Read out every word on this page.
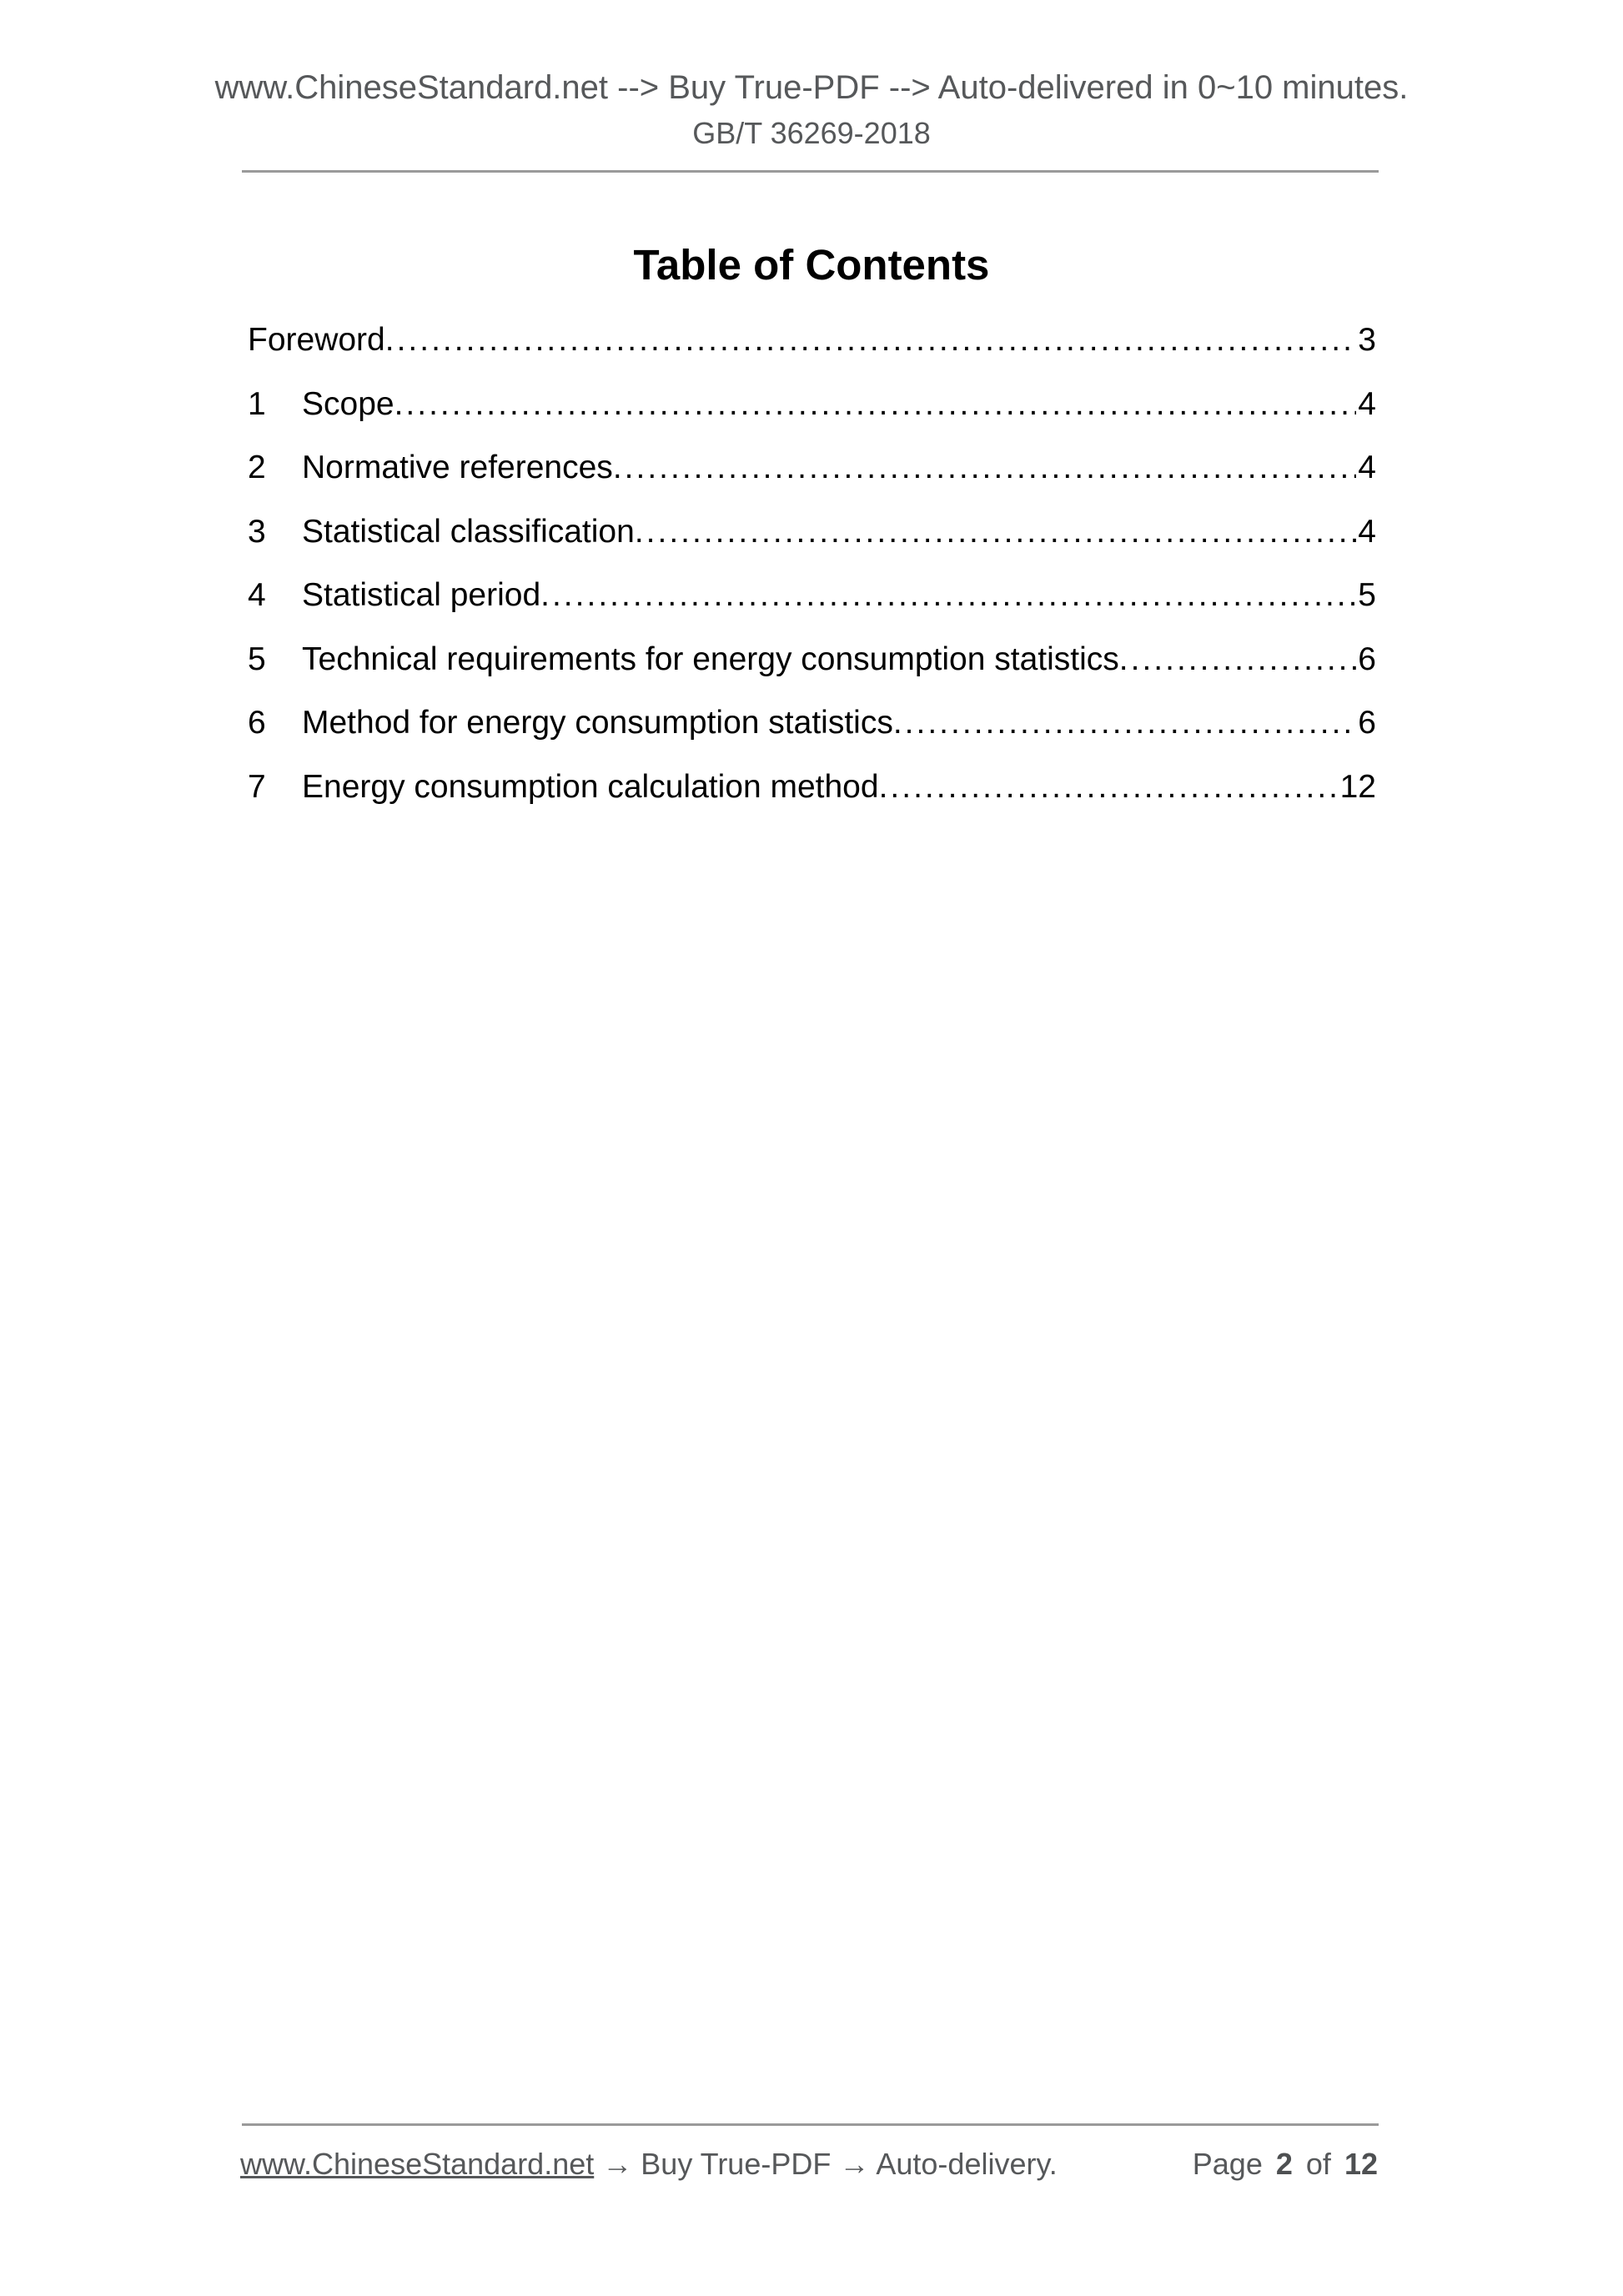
www.ChineseStandard.net --> Buy True-PDF --> Auto-delivered in 0~10 minutes.
GB/T 36269-2018
Table of Contents
Foreword .....	3
1	Scope .....	4
2	Normative references .....	4
3	Statistical classification .....	4
4	Statistical period .....	5
5	Technical requirements for energy consumption statistics .....	6
6	Method for energy consumption statistics .....	6
7	Energy consumption calculation method .....	12
www.ChineseStandard.net → Buy True-PDF → Auto-delivery.	Page 2 of 12
